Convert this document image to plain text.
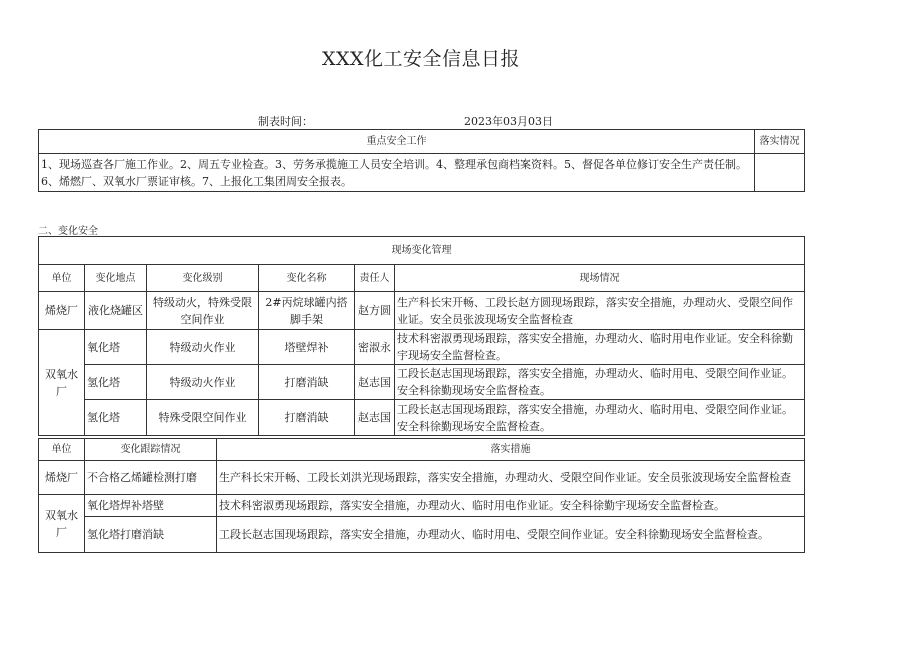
XXX化工安全信息日报
制表时间：	2023年03月03日
重点安全工作	落实情况
1、现场巡查各厂施工作业。2、周五专业检查。3、劳务承揽施工人员安全培训。4、整理承包商档案资料。5、督促各单位修订安全生产责任制。6、烯燃厂、双氧水厂票证审核。7、上报化工集团周安全报表。	
二、变化安全
现场变化管理					
单位	变化地点	变化级别	变化名称	责任人	现场情况
烯烧厂	液化烧罐区	特级动火，特殊受限空间作业	2#丙烷球罐内搭脚手架	赵方圆	生产科长宋开畅、工段长赵方圆现场跟踪，落实安全措施，办理动火、受限空间作业证。安全员张波现场安全监督检查
双氧水厂	氧化塔	特级动火作业	塔壁焊补	密淑永	技术科密淑勇现场跟踪，落实安全措施，办理动火、临时用电作业证。安全科徐勤宇现场安全监督检查。
	氢化塔	特级动火作业	打磨消缺	赵志国	工段长赵志国现场跟踪，落实安全措施，办理动火、临时用电、受限空间作业证。安全科徐勤现场安全监督检查。
	氢化塔	特殊受限空间作业	打磨消缺	赵志国	工段长赵志国现场跟踪，落实安全措施，办理动火、临时用电、受限空间作业证。安全科徐勤现场安全监督检查。
单位	变化跟踪情况	落实措施
烯烧厂	不合格乙烯罐检测打磨	生产科长宋开畅、工段长刘洪光现场跟踪，落实安全措施，办理动火、受限空间作业证。安全员张波现场安全监督检查
双氧水厂	氧化塔焊补塔壁	技术科密淑勇现场跟踪，落实安全措施，办理动火、临时用电作业证。安全科徐勤宇现场安全监督检查。
	氢化塔打磨消缺	工段长赵志国现场跟踪，落实安全措施，办理动火、临时用电、受限空间作业证。安全科徐勤现场安全监督检查。
